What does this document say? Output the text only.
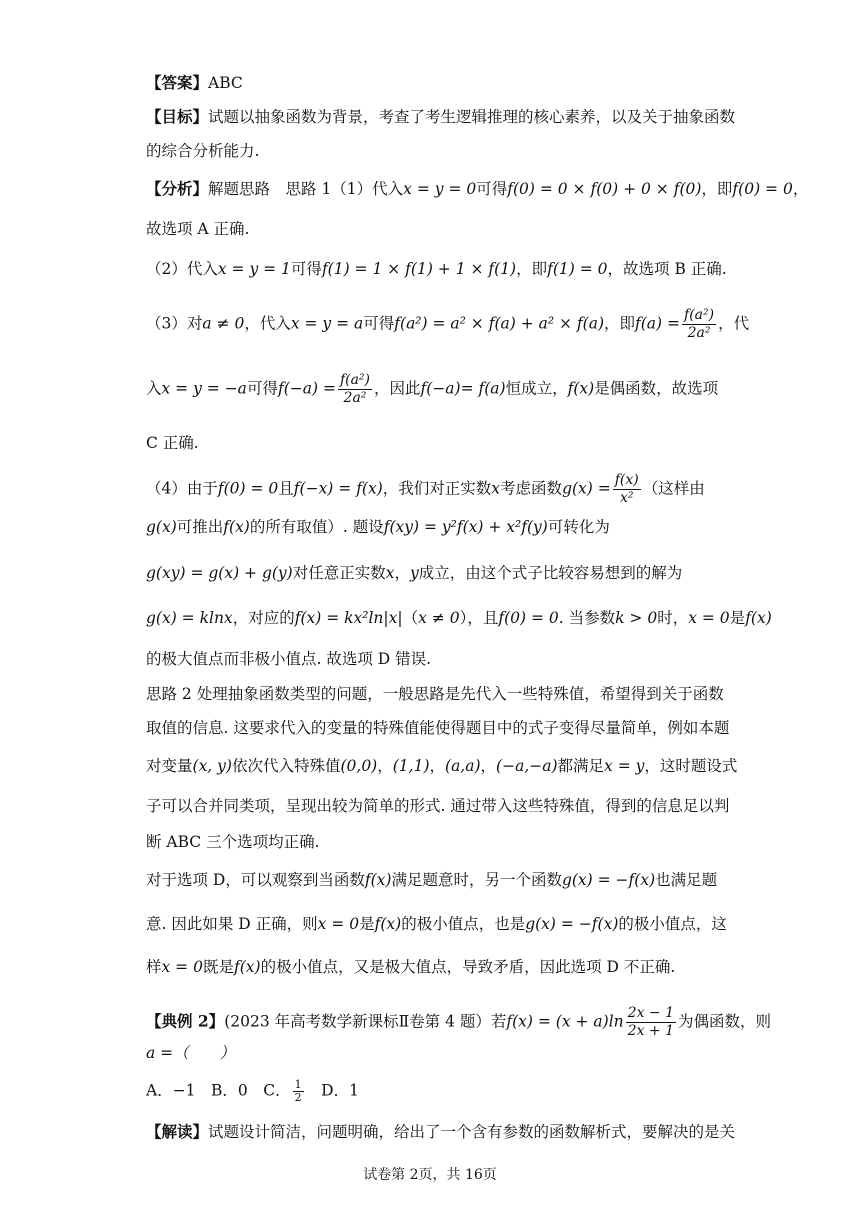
【答案】ABC
【目标】试题以抽象函数为背景，考查了考生逻辑推理的核心素养，以及关于抽象函数
的综合分析能力.
【分析】解题思路　思路 1（1）代入x = y = 0可得f(0) = 0 × f(0) + 0 × f(0)，即f(0) = 0，
故选项 A 正确.
（2）代入x = y = 1可得f(1) = 1 × f(1) + 1 × f(1)，即f(1) = 0，故选项 B 正确.
（3）对a ≠ 0，代入x = y = a可得f(a²) = a² × f(a) + a² × f(a)，即$f(a) = \frac{\text{f(a²)}}{\text{2a²}}$ ，代
入x = y = −a可得$f(-a) = \frac{\text{f(a²)}}{\text{2a²}}$ ，因此f(−a)= f(a)恒成立，f(x)是偶函数，故选项
C 正确.
（4）由于f(0) = 0且f(−x) = f(x)，我们对正实数x考虑函数$g(x) = \frac{f(x)}{\text{x²}}$ （这样由
g(x)可推出f(x)的所有取值）. 题设f(xy) = y²f(x) + x²f(y)可转化为
g(xy) = g(x) + g(y)对任意正实数x，y成立，由这个式子比较容易想到的解为
g(x) = klnx，对应的f(x) = kx²ln|x|（x ≠ 0），且f(0) = 0. 当参数k > 0时，x = 0是f(x)
的极大值点而非极小值点. 故选项 D 错误.
思路 2 处理抽象函数类型的问题，一般思路是先代入一些特殊值，希望得到关于函数
取值的信息. 这要求代入的变量的特殊值能使得题目中的式子变得尽量简单，例如本题
对变量(x, y)依次代入特殊值(0,0)，(1,1)，(a,a)，(−a,−a)都满足x = y，这时题设式
子可以合并同类项，呈现出较为简单的形式. 通过带入这些特殊值，得到的信息足以判
断 ABC 三个选项均正确.
对于选项 D，可以观察到当函数f(x)满足题意时，另一个函数g(x) = −f(x)也满足题
意. 因此如果 D 正确，则x = 0是f(x)的极小值点，也是g(x) = −f(x)的极小值点，这
样x = 0既是f(x)的极小值点，又是极大值点，导致矛盾，因此选项 D 不正确.
【典例 2】(2023 年高考数学新课标Ⅱ卷第 4 题）若$f(x) = (x + a)\ln \frac{2x - 1}{2x + 1}$ 为偶函数，则
a =（　　）
A．−1　B．0　C． $\frac{1}{2}$ 　D．1
【解读】试题设计简洁，问题明确，给出了一个含有参数的函数解析式，要解决的是关
试卷第 2页，共 16页
